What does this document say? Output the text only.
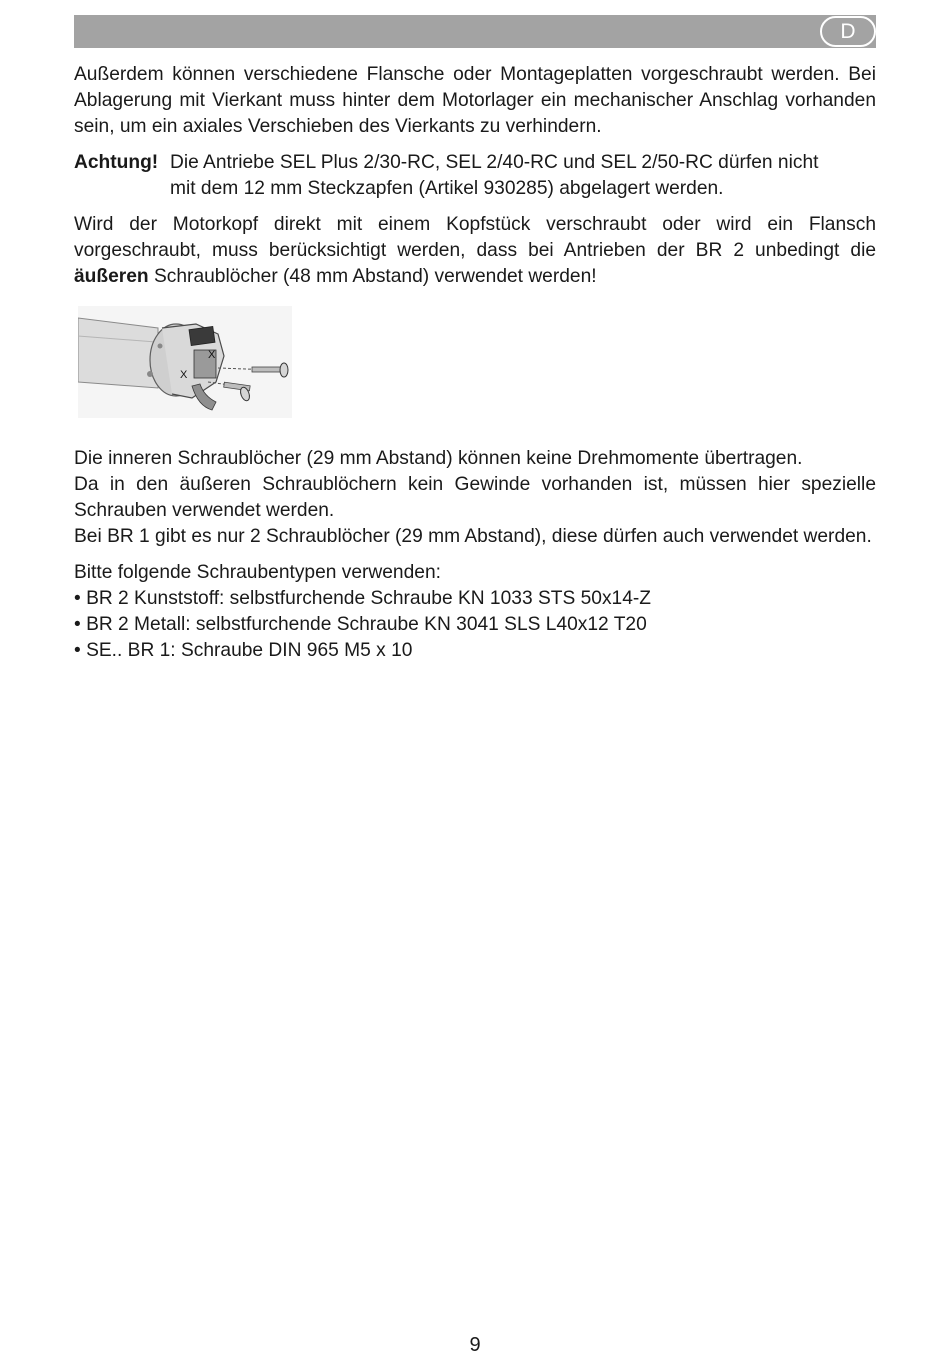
D

Außerdem können verschiedene Flansche oder Montageplatten vorgeschraubt werden. Bei Ablagerung mit Vierkant muss hinter dem Motorlager ein mechanischer Anschlag vorhanden sein, um ein axiales Verschieben des Vierkants zu verhindern.

Achtung! Die Antriebe SEL Plus 2/30-RC, SEL 2/40-RC und SEL 2/50-RC dürfen nicht
mit dem 12 mm Steckzapfen (Artikel 930285) abgelagert werden.

Wird der Motorkopf direkt mit einem Kopfstück verschraubt oder wird ein Flansch vorgeschraubt, muss berücksichtigt werden, dass bei Antrieben der BR 2 unbedingt die äußeren Schraublöcher (48 mm Abstand) verwendet werden!

X
X

Die inneren Schraublöcher (29 mm Abstand) können keine Drehmomente übertragen.

Da in den äußeren Schraublöchern kein Gewinde vorhanden ist, müssen hier spezielle Schrauben verwendet werden.

Bei BR 1 gibt es nur 2 Schraublöcher (29 mm Abstand), diese dürfen auch verwendet werden.

Bitte folgende Schraubentypen verwenden:

• BR 2 Kunststoff: selbstfurchende Schraube KN 1033 STS 50x14-Z
• BR 2 Metall: selbstfurchende Schraube KN 3041 SLS L40x12 T20
• SE.. BR 1: Schraube DIN 965 M5 x 10
9
